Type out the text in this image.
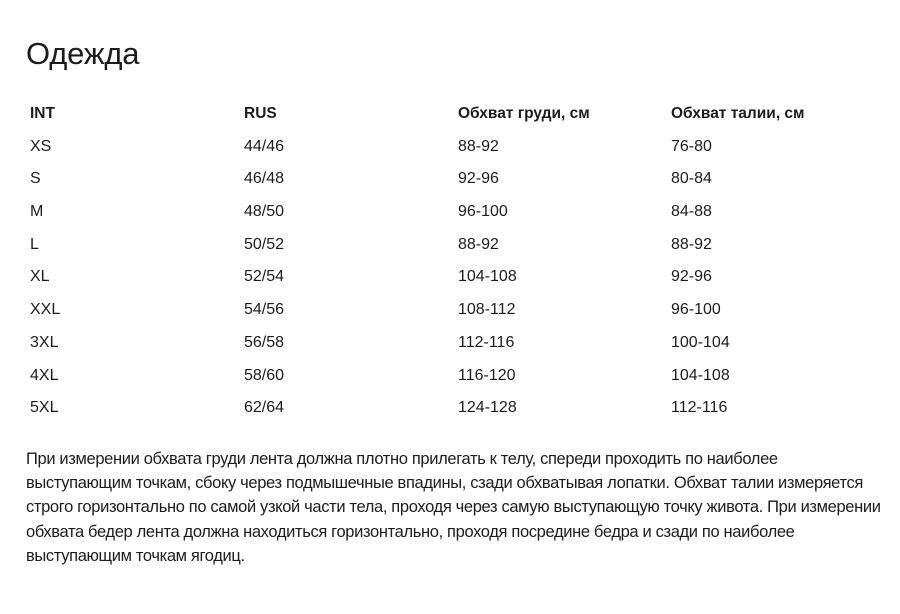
Одежда
INT	RUS	Обхват груди, см	Обхват талии, см
XS	44/46	88-92	76-80
S	46/48	92-96	80-84
M	48/50	96-100	84-88
L	50/52	88-92	88-92
XL	52/54	104-108	92-96
XXL	54/56	108-112	96-100
3XL	56/58	112-116	100-104
4XL	58/60	116-120	104-108
5XL	62/64	124-128	112-116

При измерении обхвата груди лента должна плотно прилегать к телу, спереди проходить по наиболее выступающим точкам, сбоку через подмышечные впадины, сзади обхватывая лопатки. Обхват талии измеряется строго горизонтально по самой узкой части тела, проходя через самую выступающую точку живота. При измерении обхвата бедер лента должна находиться горизонтально, проходя посредине бедра и сзади по наиболее выступающим точкам ягодиц.
